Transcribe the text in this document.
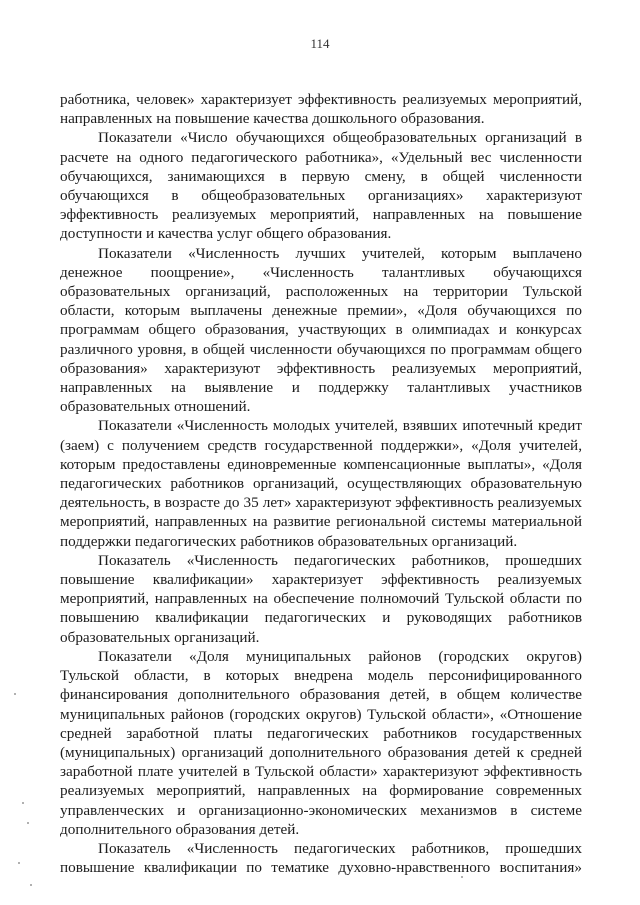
114

работника, человек» характеризует эффективность реализуемых мероприятий,
направленных на повышение качества дошкольного образования.

Показатели «Число обучающихся общеобразовательных организаций в
расчете на одного педагогического работника», «Удельный вес численности
обучающихся, занимающихся в первую смену, в общей численности
обучающихся в общеобразовательных организациях» характеризуют
эффективность реализуемых мероприятий, направленных на повышение
доступности и качества услуг общего образования.

Показатели «Численность лучших учителей, которым выплачено
денежное поощрение», «Численность талантливых обучающихся
образовательных организаций, расположенных на территории Тульской
области, которым выплачены денежные премии», «Доля обучающихся по
программам общего образования, участвующих в олимпиадах и конкурсах
различного уровня, в общей численности обучающихся по программам общего
образования» характеризуют эффективность реализуемых мероприятий,
направленных на выявление и поддержку талантливых участников
образовательных отношений.

Показатели «Численность молодых учителей, взявших ипотечный кредит
(заем) с получением средств государственной поддержки», «Доля учителей,
которым предоставлены единовременные компенсационные выплаты», «Доля
педагогических работников организаций, осуществляющих образовательную
деятельность, в возрасте до 35 лет» характеризуют эффективность реализуемых
мероприятий, направленных на развитие региональной системы материальной
поддержки педагогических работников образовательных организаций.

Показатель «Численность педагогических работников, прошедших
повышение квалификации» характеризует эффективность реализуемых
мероприятий, направленных на обеспечение полномочий Тульской области по
повышению квалификации педагогических и руководящих работников
образовательных организаций.

Показатели «Доля муниципальных районов (городских округов)
Тульской области, в которых внедрена модель персонифицированного
финансирования дополнительного образования детей, в общем количестве
муниципальных районов (городских округов) Тульской области», «Отношение
средней заработной платы педагогических работников государственных
(муниципальных) организаций дополнительного образования детей к средней
заработной плате учителей в Тульской области» характеризуют эффективность
реализуемых мероприятий, направленных на формирование современных
управленческих и организационно-экономических механизмов в системе
дополнительного образования детей.

Показатель «Численность педагогических работников, прошедших
повышение квалификации по тематике духовно-нравственного воспитания»
